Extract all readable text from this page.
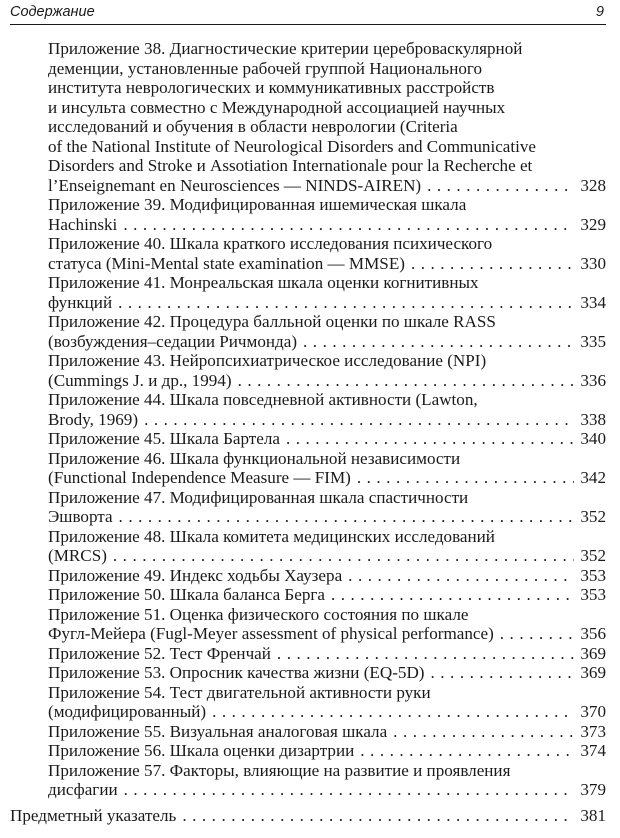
Содержание	9
Приложение 38. Диагностические критерии цереброваскулярной
деменции, установленные рабочей группой Национального
института неврологических и коммуникативных расстройств
и инсульта совместно с Международной ассоциацией научных
исследований и обучения в области неврологии (Criteria
of the National Institute of Neurological Disorders and Communicative
Disorders and Stroke и Assotiation Internationale pour la Recherche et
l’Enseignemant en Neurosciences — NINDS-AIREN) .....	328
Приложение 39. Модифицированная ишемическая шкала
Hachinski .....	329
Приложение 40. Шкала краткого исследования психического
статуса (Mini-Mental state examination — MMSE) .....	330
Приложение 41. Монреальская шкала оценки когнитивных
функций .....	334
Приложение 42. Процедура балльной оценки по шкале RASS
(возбуждения–седации Ричмонда) .....	335
Приложение 43. Нейропсихиатрическое исследование (NPI)
(Cummings J. и др., 1994) .....	336
Приложение 44. Шкала повседневной активности (Lawton,
Brody, 1969) .....	338
Приложение 45. Шкала Бартела .....	340
Приложение 46. Шкала функциональной независимости
(Functional Independence Measure — FIM) .....	342
Приложение 47. Модифицированная шкала спастичности
Эшворта .....	352
Приложение 48. Шкала комитета медицинских исследований
(MRCS) .....	352
Приложение 49. Индекс ходьбы Хаузера .....	353
Приложение 50. Шкала баланса Берга .....	353
Приложение 51. Оценка физического состояния по шкале
Фугл-Мейера (Fugl-Meyer assessment of physical performance) .....	356
Приложение 52. Тест Френчай .....	369
Приложение 53. Опросник качества жизни (EQ-5D) .....	369
Приложение 54. Тест двигательной активности руки
(модифицированный) .....	370
Приложение 55. Визуальная аналоговая шкала .....	373
Приложение 56. Шкала оценки дизартрии .....	374
Приложение 57. Факторы, влияющие на развитие и проявления
дисфагии .....	379
Предметный указатель .....	381
